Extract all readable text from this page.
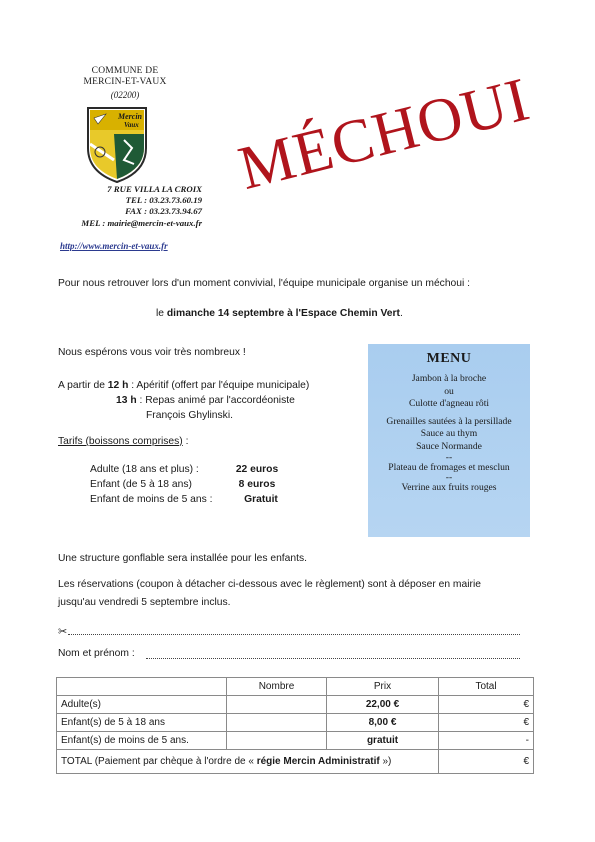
COMMUNE DE
MERCIN-ET-VAUX
(02200)
Mercin
Vaux
7 RUE VILLA LA CROIX
TEL : 03.23.73.60.19
FAX : 03.23.73.94.67
MEL : mairie@mercin-et-vaux.fr
http://www.mercin-et-vaux.fr
MÉCHOUI
Pour nous retrouver lors d'un moment convivial, l'équipe municipale organise un méchoui :
le dimanche 14 septembre à l'Espace Chemin Vert.
Nous espérons vous voir très nombreux !
A partir de 12 h : Apéritif (offert par l'équipe municipale)
13 h : Repas animé par l'accordéoniste
François Ghylinski.
Tarifs (boissons comprises) :
Adulte (18 ans et plus) :	22 euros
Enfant (de 5 à 18 ans)	8 euros
Enfant de moins de 5 ans :	Gratuit
MENU
Jambon à la broche
ou
Culotte d'agneau rôti
Grenailles sautées à la persillade
Sauce au thym
Sauce Normande
--
Plateau de fromages et mesclun
--
Verrine aux fruits rouges
Une structure gonflable sera installée pour les enfants.
Les réservations (coupon à détacher ci-dessous avec le règlement) sont à déposer en mairie
jusqu'au vendredi 5 septembre inclus.
✂
Nom et prénom :
	Nombre	Prix	Total
Adulte(s)		22,00 €	€
Enfant(s) de 5 à 18 ans		8,00 €	€
Enfant(s) de moins de 5 ans.		gratuit	-
TOTAL (Paiement par chèque à l'ordre de « régie Mercin Administratif »)			€
